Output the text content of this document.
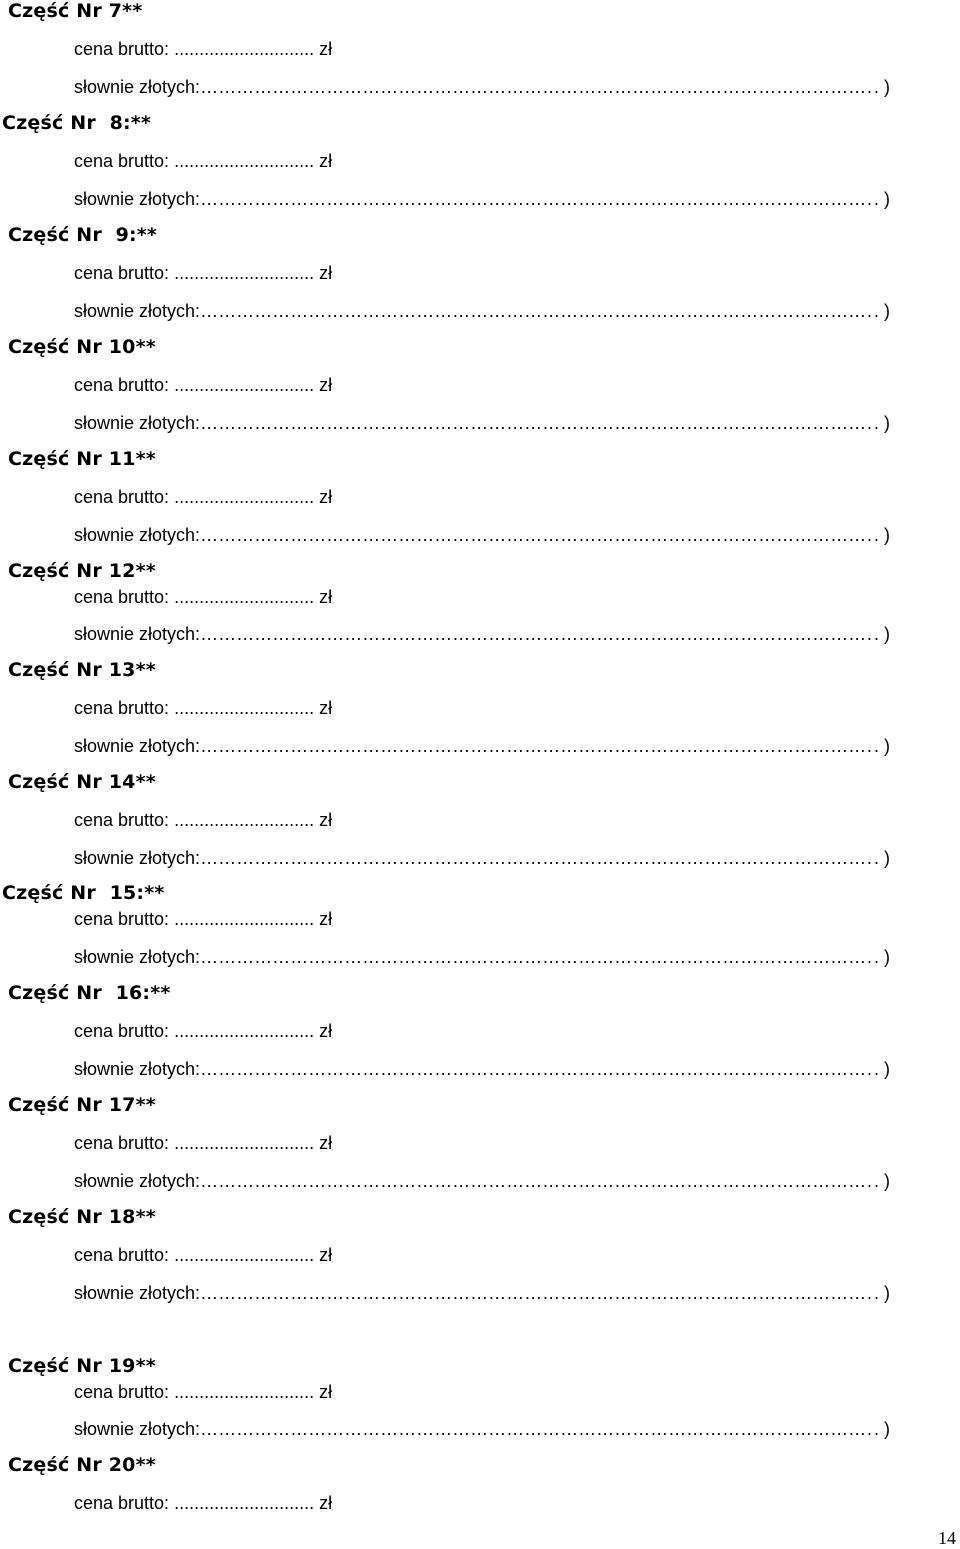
Część Nr 7**
cena brutto: ............................ zł
słownie złotych: ………………………………………………………………………………………………………………………………………………………………………………………………………………………………………………………	. )
Część Nr  8:**
cena brutto: ............................ zł
słownie złotych: ………………………………………………………………………………………………………………………………………………………………………………………………………………………………………………………	. )
Część Nr  9:**
cena brutto: ............................ zł
słownie złotych: ………………………………………………………………………………………………………………………………………………………………………………………………………………………………………………………	. )
Część Nr 10**
cena brutto: ............................ zł
słownie złotych: ………………………………………………………………………………………………………………………………………………………………………………………………………………………………………………………	. )
Część Nr 11**
cena brutto: ............................ zł
słownie złotych: ………………………………………………………………………………………………………………………………………………………………………………………………………………………………………………………	. )
Część Nr 12**
cena brutto: ............................ zł
słownie złotych: ………………………………………………………………………………………………………………………………………………………………………………………………………………………………………………………	. )
Część Nr 13**
cena brutto: ............................ zł
słownie złotych: ………………………………………………………………………………………………………………………………………………………………………………………………………………………………………………………	. )
Część Nr 14**
cena brutto: ............................ zł
słownie złotych: ………………………………………………………………………………………………………………………………………………………………………………………………………………………………………………………	. )
Część Nr  15:**
cena brutto: ............................ zł
słownie złotych: ………………………………………………………………………………………………………………………………………………………………………………………………………………………………………………………	. )
Część Nr  16:**
cena brutto: ............................ zł
słownie złotych: ………………………………………………………………………………………………………………………………………………………………………………………………………………………………………………………	. )
Część Nr 17**
cena brutto: ............................ zł
słownie złotych: ………………………………………………………………………………………………………………………………………………………………………………………………………………………………………………………	. )
Część Nr 18**
cena brutto: ............................ zł
słownie złotych: ………………………………………………………………………………………………………………………………………………………………………………………………………………………………………………………	. )
Część Nr 19**
cena brutto: ............................ zł
słownie złotych: ………………………………………………………………………………………………………………………………………………………………………………………………………………………………………………………	. )
Część Nr 20**
cena brutto: ............................ zł
14
